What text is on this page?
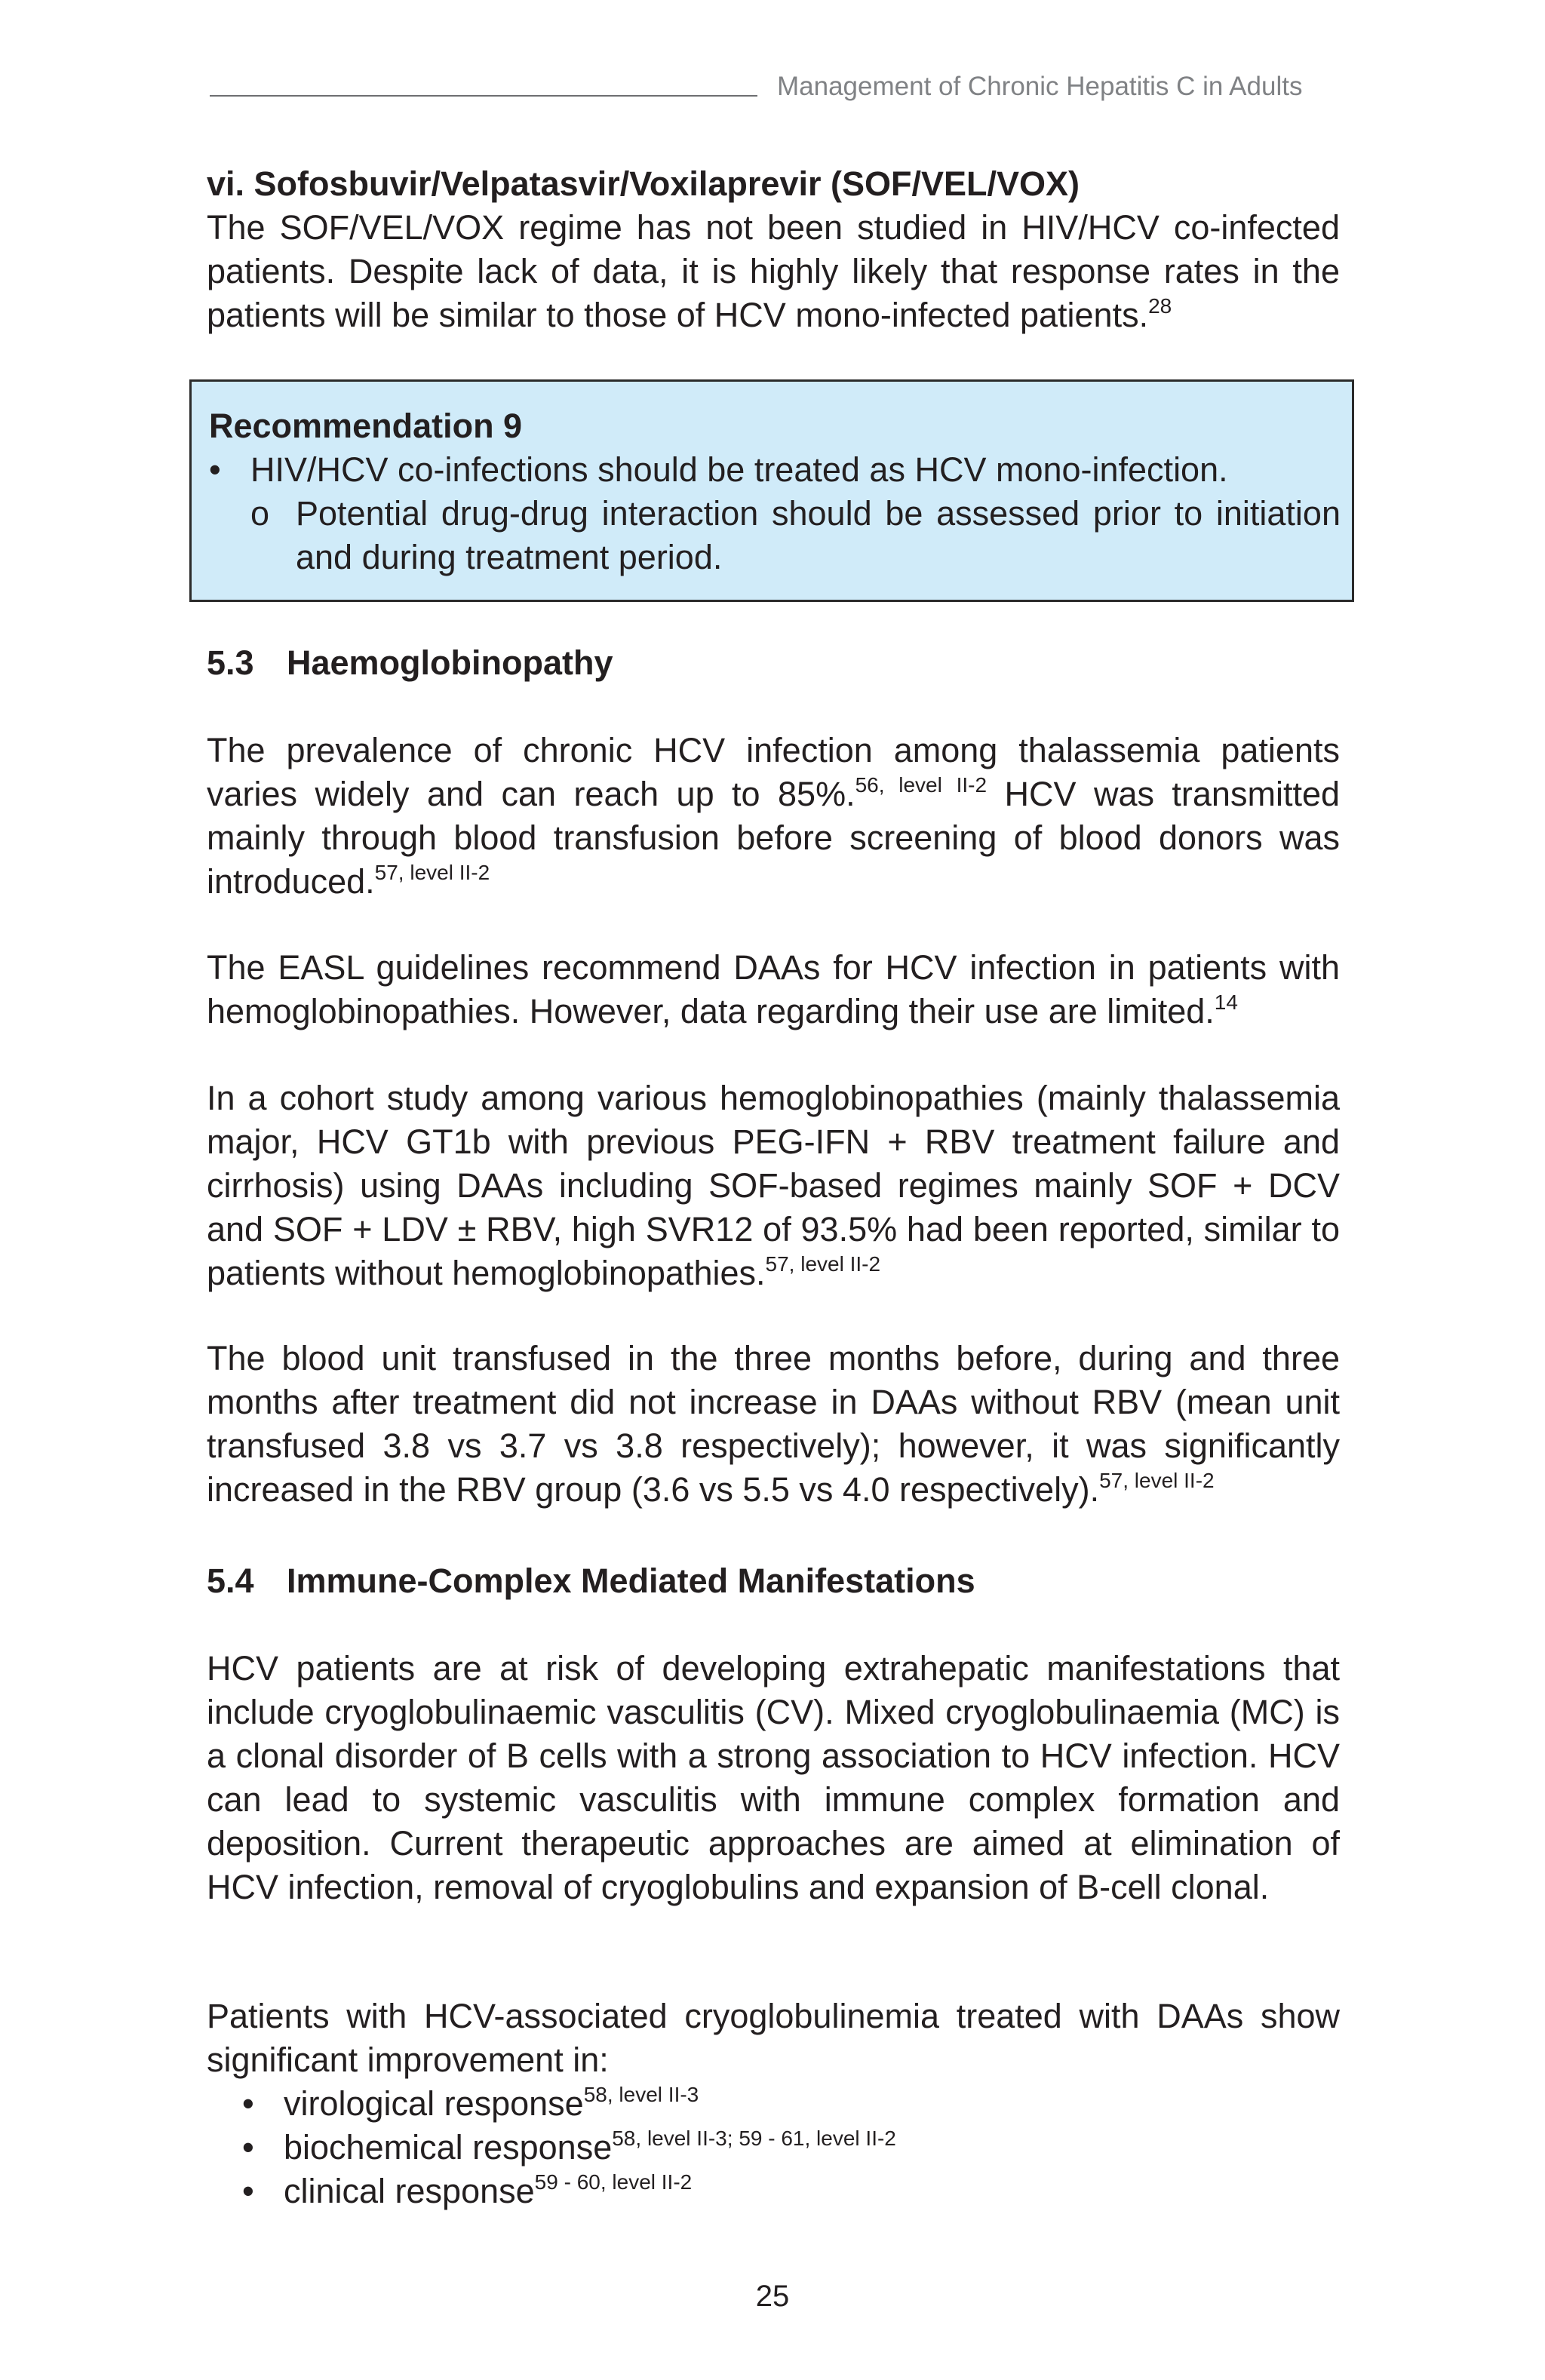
Management of Chronic Hepatitis C in Adults

vi. Sofosbuvir/Velpatasvir/Voxilaprevir (SOF/VEL/VOX)

The SOF/VEL/VOX regime has not been studied in HIV/HCV co-infected patients. Despite lack of data, it is highly likely that response rates in the patients will be similar to those of HCV mono-infected patients.$^{28}$

Recommendation 9

• HIV/HCV co-infections should be treated as HCV mono-infection.
o Potential drug-drug interaction should be assessed prior to initiation and during treatment period.

5.3 Haemoglobinopathy

The prevalence of chronic HCV infection among thalassemia patients varies widely and can reach up to 85%.$^{56, level II-2}$ HCV was transmitted mainly through blood transfusion before screening of blood donors was introduced.$^{57, level II-2}$

The EASL guidelines recommend DAAs for HCV infection in patients with hemoglobinopathies. However, data regarding their use are limited.$^{14}$

In a cohort study among various hemoglobinopathies (mainly thalassemia major, HCV GT1b with previous PEG-IFN + RBV treatment failure and cirrhosis) using DAAs including SOF-based regimes mainly SOF + DCV and SOF + LDV ± RBV, high SVR12 of 93.5% had been reported, similar to patients without hemoglobinopathies.$^{57, level II-2}$

The blood unit transfused in the three months before, during and three months after treatment did not increase in DAAs without RBV (mean unit transfused 3.8 vs 3.7 vs 3.8 respectively); however, it was significantly increased in the RBV group (3.6 vs 5.5 vs 4.0 respectively).$^{57, level II-2}$

5.4 Immune-Complex Mediated Manifestations

HCV patients are at risk of developing extrahepatic manifestations that include cryoglobulinaemic vasculitis (CV). Mixed cryoglobulinaemia (MC) is a clonal disorder of B cells with a strong association to HCV infection. HCV can lead to systemic vasculitis with immune complex formation and deposition. Current therapeutic approaches are aimed at elimination of HCV infection, removal of cryoglobulins and expansion of B-cell clonal.

Patients with HCV-associated cryoglobulinemia treated with DAAs show significant improvement in:

• virological response$^{58, level II-3}$
• biochemical response$^{58, level II-3; 59 - 61, level II-2}$
• clinical response$^{59 - 60, level II-2}$
25
